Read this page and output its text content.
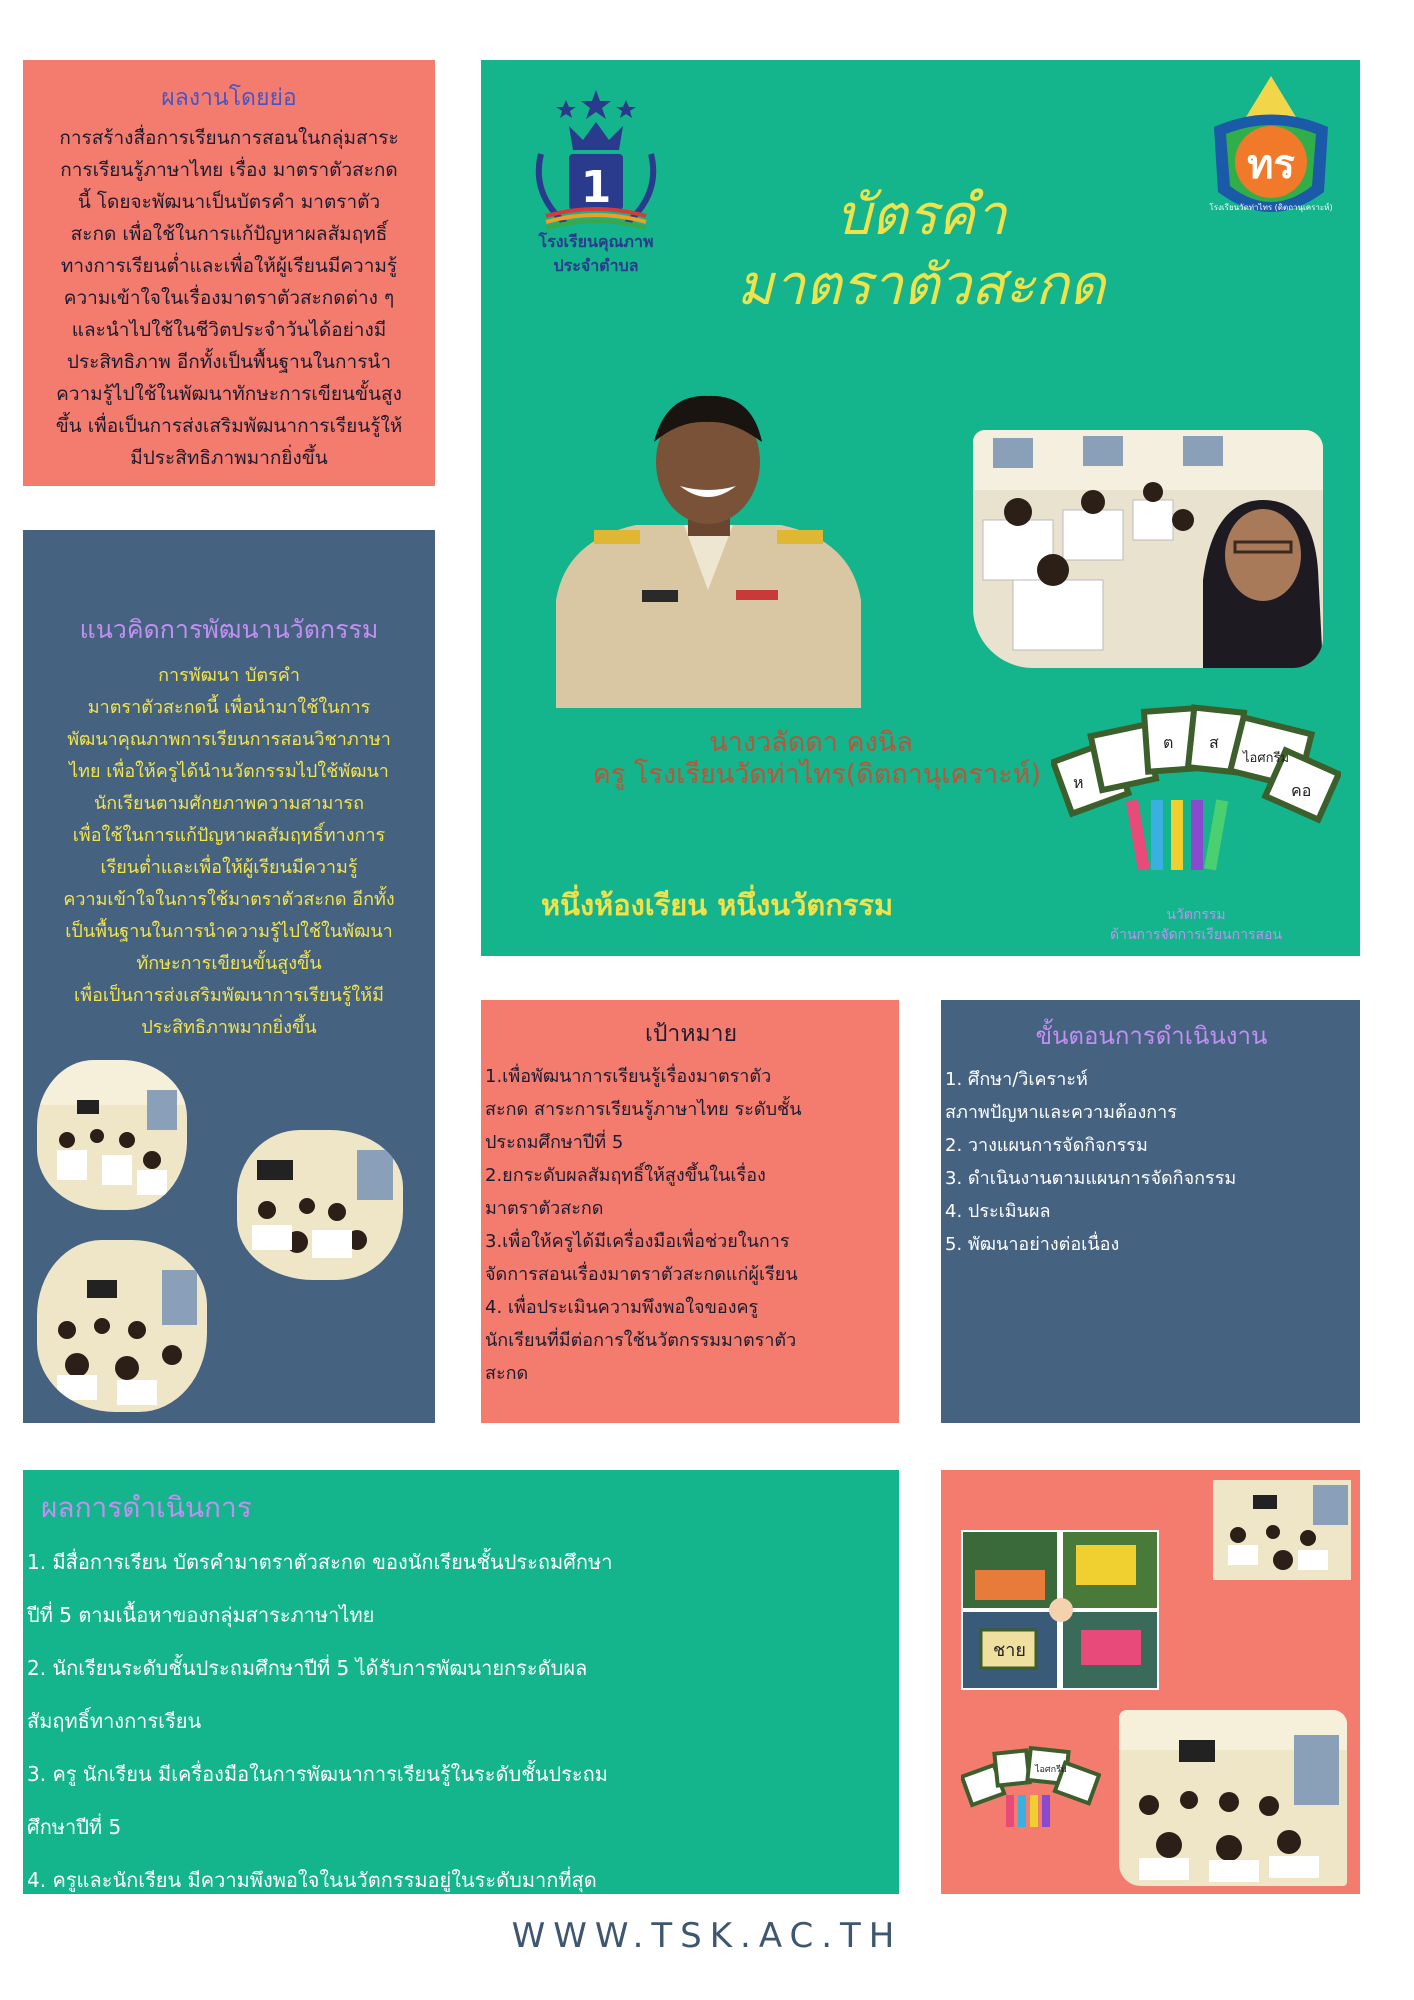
ผลงานโดยย่อ

การสร้างสื่อการเรียนการสอนในกลุ่มสาระ
การเรียนรู้ภาษาไทย เรื่อง มาตราตัวสะกด
นี้ โดยจะพัฒนาเป็นบัตรคำ มาตราตัว
สะกด เพื่อใช้ในการแก้ปัญหาผลสัมฤทธิ์
ทางการเรียนต่ำและเพื่อให้ผู้เรียนมีความรู้
ความเข้าใจในเรื่องมาตราตัวสะกดต่าง ๆ
และนำไปใช้ในชีวิตประจำวันได้อย่างมี
ประสิทธิภาพ อีกทั้งเป็นพื้นฐานในการนำ
ความรู้ไปใช้ในพัฒนาทักษะการเขียนขั้นสูง
ขึ้น เพื่อเป็นการส่งเสริมพัฒนาการเรียนรู้ให้
มีประสิทธิภาพมากยิ่งขึ้น

1
โรงเรียนคุณภาพ
ประจำตำบล
ทร
โรงเรียนวัดท่าไทร (ดิตถานุเคราะห์)
บัตรคำ
มาตราตัวสะกด
นางวลัดดา คงนิล
ครู โรงเรียนวัดท่าไทร(ดิตถานุเคราะห์) ห
ต ส
ไอศกรีม
คอ
หนึ่งห้องเรียน หนึ่งนวัตกรรม	นวัตกรรม
ด้านการจัดการเรียนการสอน
แนวคิดการพัฒนานวัตกรรม

การพัฒนา บัตรคำ
มาตราตัวสะกดนี้ เพื่อนำมาใช้ในการ
พัฒนาคุณภาพการเรียนการสอนวิชาภาษา
ไทย เพื่อให้ครูได้นำนวัตกรรมไปใช้พัฒนา
นักเรียนตามศักยภาพความสามารถ
เพื่อใช้ในการแก้ปัญหาผลสัมฤทธิ์ทางการ
เรียนต่ำและเพื่อให้ผู้เรียนมีความรู้
ความเข้าใจในการใช้มาตราตัวสะกด อีกทั้ง
เป็นพื้นฐานในการนำความรู้ไปใช้ในพัฒนา
ทักษะการเขียนขั้นสูงขึ้น
เพื่อเป็นการส่งเสริมพัฒนาการเรียนรู้ให้มี
ประสิทธิภาพมากยิ่งขึ้น	เป้าหมาย

1.เพื่อพัฒนาการเรียนรู้เรื่องมาตราตัว
สะกด สาระการเรียนรู้ภาษาไทย ระดับชั้น
ประถมศึกษาปีที่ 5
2.ยกระดับผลสัมฤทธิ์ให้สูงขึ้นในเรื่อง
มาตราตัวสะกด
3.เพื่อให้ครูได้มีเครื่องมือเพื่อช่วยในการ
จัดการสอนเรื่องมาตราตัวสะกดแก่ผู้เรียน
4. เพื่อประเมินความพึงพอใจของครู
นักเรียนที่มีต่อการใช้นวัตกรรมมาตราตัว
สะกด

ขั้นตอนการดำเนินงาน

1. ศึกษา/วิเคราะห์
สภาพปัญหาและความต้องการ
2. วางแผนการจัดกิจกรรม
3. ดำเนินงานตามแผนการจัดกิจกรรม
4. ประเมินผล
5. พัฒนาอย่างต่อเนื่อง

ผลการดำเนินการ

1. มีสื่อการเรียน บัตรคำมาตราตัวสะกด ของนักเรียนชั้นประถมศึกษา
ปีที่ 5 ตามเนื้อหาของกลุ่มสาระภาษาไทย
2. นักเรียนระดับชั้นประถมศึกษาปีที่ 5 ได้รับการพัฒนายกระดับผล
สัมฤทธิ์ทางการเรียน
3. ครู นักเรียน มีเครื่องมือในการพัฒนาการเรียนรู้ในระดับชั้นประถม
ศึกษาปีที่ 5
4. ครูและนักเรียน มีความพึงพอใจในนวัตกรรมอยู่ในระดับมากที่สุด

ชาย
ไอศกรีม
WWW.TSK.AC.TH
